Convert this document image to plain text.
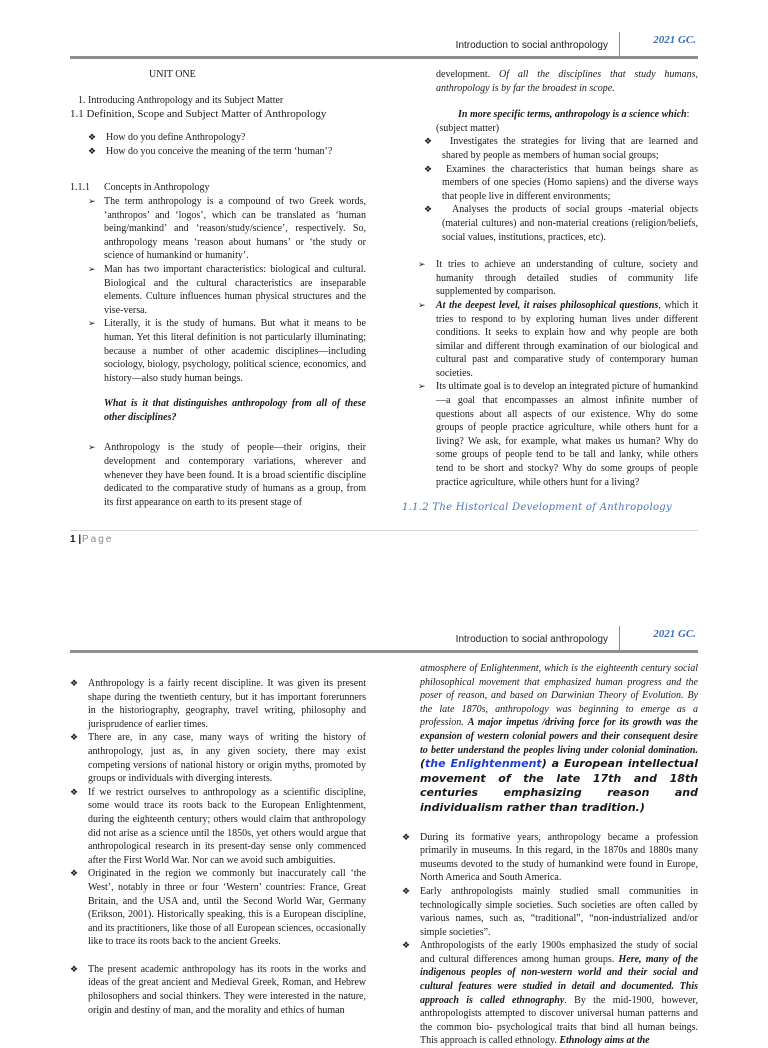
Introduction to social anthropology	2021 GC.

UNIT ONE

1. Introducing Anthropology and its Subject Matter

1.1 Definition, Scope and Subject Matter of Anthropology

❖ How do you define Anthropology?

❖ How do you conceive the meaning of the term ‘human’?

1.1.1 Concepts in Anthropology

➢ The term anthropology is a compound of two Greek words, ‘anthropos’ and ‘logos’, which can be translated as ‘human being/mankind’ and ‘reason/study/science’, respectively. So, anthropology means ‘reason about humans’ or ‘the study or science of humankind or humanity’.

➢ Man has two important characteristics: biological and cultural. Biological and the cultural characteristics are inseparable elements. Culture influences human physical structures and the vise-versa.

➢ Literally, it is the study of humans. But what it means to be human. Yet this literal definition is not particularly illuminating; because a number of other academic disciplines—including sociology, biology, psychology, political science, economics, and history—also study human beings.

What is it that distinguishes anthropology from all of these other disciplines?

➢ Anthropology is the study of people—their origins, their development and contemporary variations, wherever and whenever they have been found. It is a broad scientific discipline dedicated to the comparative study of humans as a group, from its first appearance on earth to its present stage of

development. Of all the disciplines that study humans, anthropology is by far the broadest in scope.

In more specific terms, anthropology is a science which:

(subject matter)

❖ Investigates the strategies for living that are learned and shared by people as members of human social groups;

❖ Examines the characteristics that human beings share as members of one species (Homo sapiens) and the diverse ways that people live in different environments;

❖ Analyses the products of social groups -material objects (material cultures) and non-material creations (religion/beliefs, social values, institutions, practices, etc).

➢ It tries to achieve an understanding of culture, society and humanity through detailed studies of community life supplemented by comparison.

➢ At the deepest level, it raises philosophical questions, which it tries to respond to by exploring human lives under different conditions. It seeks to explain how and why people are both similar and different through examination of our biological and cultural past and comparative study of contemporary human societies.

➢ Its ultimate goal is to develop an integrated picture of humankind—a goal that encompasses an almost infinite number of questions about all aspects of our existence. Why do some groups of people practice agriculture, while others hunt for a living? We ask, for example, what makes us human? Why do some groups of people tend to be tall and lanky, while others tend to be short and stocky? Why do some groups of people practice agriculture, while others hunt for a living?

1.1.2 The Historical Development of Anthropology
1 | Page
Introduction to social anthropology	2021 GC.

❖ Anthropology is a fairly recent discipline. It was given its present shape during the twentieth century, but it has important forerunners in the historiography, geography, travel writing, philosophy and jurisprudence of earlier times.

❖ There are, in any case, many ways of writing the history of anthropology, just as, in any given society, there may exist competing versions of national history or origin myths, promoted by groups or individuals with diverging interests.

❖ If we restrict ourselves to anthropology as a scientific discipline, some would trace its roots back to the European Enlightenment, during the eighteenth century; others would claim that anthropology did not arise as a science until the 1850s, yet others would argue that anthropological research in its present-day sense only commenced after the First World War. Nor can we avoid such ambiguities.

❖ Originated in the region we commonly but inaccurately call ‘the West’, notably in three or four ‘Western’ countries: France, Great Britain, and the USA and, until the Second World War, Germany (Erikson, 2001). Historically speaking, this is a European discipline, and its practitioners, like those of all European sciences, occasionally like to trace its roots back to the ancient Greeks.

❖ The present academic anthropology has its roots in the works and ideas of the great ancient and Medieval Greek, Roman, and Hebrew philosophers and social thinkers. They were interested in the nature, origin and destiny of man, and the morality and ethics of human

atmosphere of Enlightenment, which is the eighteenth century social philosophical movement that emphasized human progress and the poser of reason, and based on Darwinian Theory of Evolution. By the late 1870s, anthropology was beginning to emerge as a profession. A major impetus /driving force for its growth was the expansion of western colonial powers and their consequent desire to better understand the peoples living under colonial domination.(the Enlightenment) a European intellectual movement of the late 17th and 18th centuries emphasizing reason and individualism rather than tradition.)

❖ During its formative years, anthropology became a profession primarily in museums. In this regard, in the 1870s and 1880s many museums devoted to the study of humankind were found in Europe, North America and South America.

❖ Early anthropologists mainly studied small communities in technologically simple societies. Such societies are often called by various names, such as, “traditional”, “non-industrialized and/or simple societies”.

❖ Anthropologists of the early 1900s emphasized the study of social and cultural differences among human groups. Here, many of the indigenous peoples of non-western world and their social and cultural features were studied in detail and documented. This approach is called ethnography. By the mid-1900, however, anthropologists attempted to discover universal human patterns and the common bio- psychological traits that bind all human beings. This approach is called ethnology. Ethnology aims at the
